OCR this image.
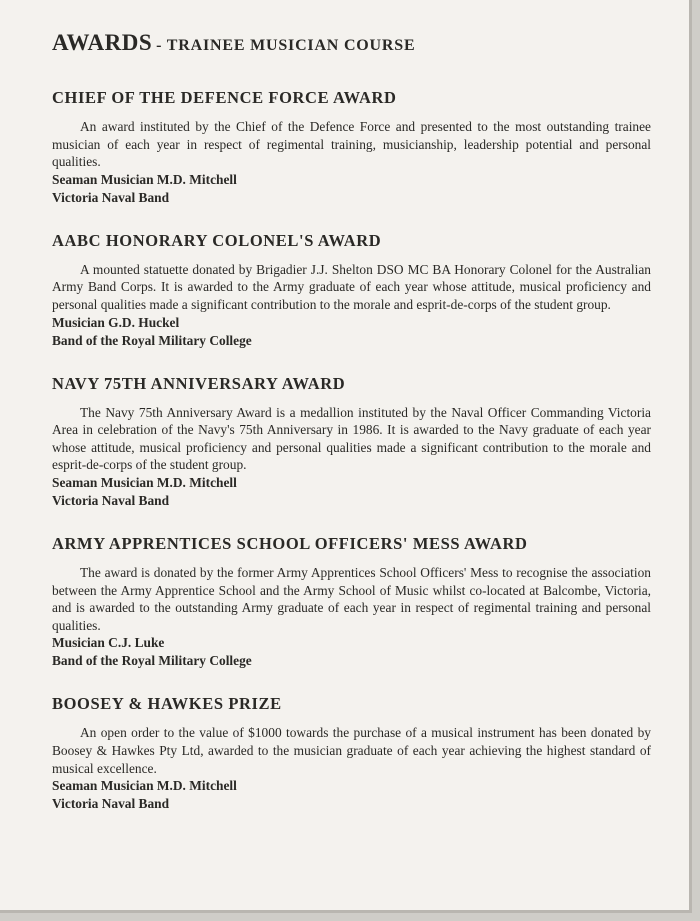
AWARDS - TRAINEE MUSICIAN COURSE
CHIEF OF THE DEFENCE FORCE AWARD

An award instituted by the Chief of the Defence Force and presented to the most outstanding trainee musician of each year in respect of regimental training, musicianship, leadership potential and personal qualities.

Seaman Musician M.D. Mitchell
Victoria Naval Band
AABC HONORARY COLONEL'S AWARD

A mounted statuette donated by Brigadier J.J. Shelton DSO MC BA Honorary Colonel for the Australian Army Band Corps. It is awarded to the Army graduate of each year whose attitude, musical proficiency and personal qualities made a significant contribution to the morale and esprit-de-corps of the student group.

Musician G.D. Huckel
Band of the Royal Military College
NAVY 75TH ANNIVERSARY AWARD

The Navy 75th Anniversary Award is a medallion instituted by the Naval Officer Commanding Victoria Area in celebration of the Navy's 75th Anniversary in 1986. It is awarded to the Navy graduate of each year whose attitude, musical proficiency and personal qualities made a significant contribution to the morale and esprit-de-corps of the student group.

Seaman Musician M.D. Mitchell
Victoria Naval Band
ARMY APPRENTICES SCHOOL OFFICERS' MESS AWARD

The award is donated by the former Army Apprentices School Officers' Mess to recognise the association between the Army Apprentice School and the Army School of Music whilst co-located at Balcombe, Victoria, and is awarded to the outstanding Army graduate of each year in respect of regimental training and personal qualities.

Musician C.J. Luke
Band of the Royal Military College
BOOSEY & HAWKES PRIZE

An open order to the value of $1000 towards the purchase of a musical instrument has been donated by Boosey & Hawkes Pty Ltd, awarded to the musician graduate of each year achieving the highest standard of musical excellence.

Seaman Musician M.D. Mitchell
Victoria Naval Band
